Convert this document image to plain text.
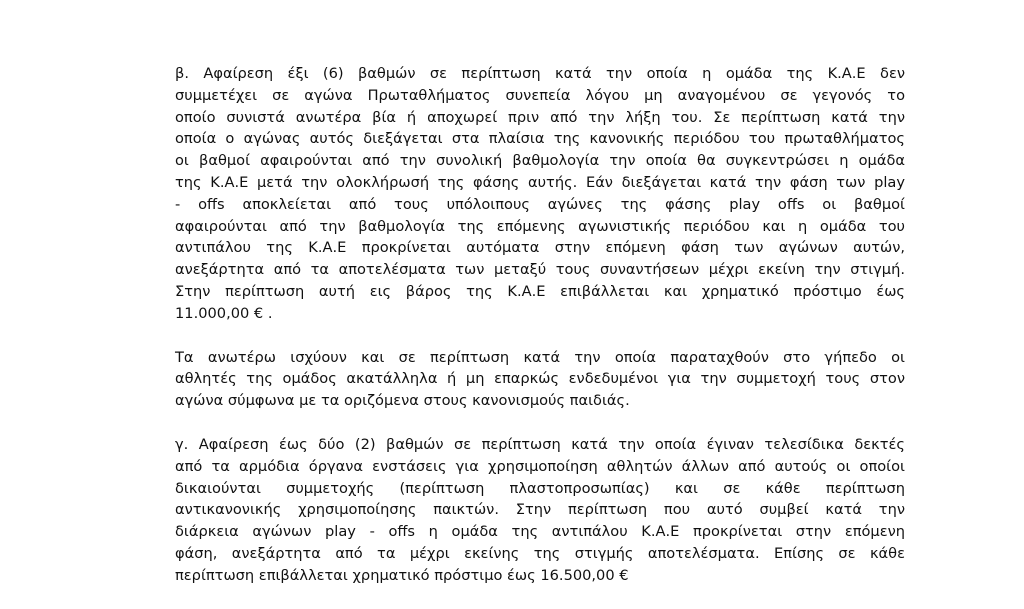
β. Αφαίρεση έξι (6) βαθμών σε περίπτωση κατά την οποία η ομάδα της Κ.Α.Ε δεν
συμμετέχει σε αγώνα Πρωταθλήματος συνεπεία λόγου μη αναγομένου σε γεγονός το
οποίο συνιστά ανωτέρα βία ή αποχωρεί πριν από την λήξη του. Σε περίπτωση κατά την
οποία ο αγώνας αυτός διεξάγεται στα πλαίσια της κανονικής περιόδου του πρωταθλήματος
οι βαθμοί αφαιρούνται από την συνολική βαθμολογία την οποία θα συγκεντρώσει η ομάδα
της Κ.Α.Ε μετά την ολοκλήρωσή της φάσης αυτής. Εάν διεξάγεται κατά την φάση των play
- offs αποκλείεται από τους υπόλοιπους αγώνες της φάσης play offs οι βαθμοί
αφαιρούνται από την βαθμολογία της επόμενης αγωνιστικής περιόδου και η ομάδα του
αντιπάλου της Κ.Α.Ε προκρίνεται αυτόματα στην επόμενη φάση των αγώνων αυτών,
ανεξάρτητα από τα αποτελέσματα των μεταξύ τους συναντήσεων μέχρι εκείνη την στιγμή.
Στην περίπτωση αυτή εις βάρος της Κ.Α.Ε επιβάλλεται και χρηματικό πρόστιμο έως
11.000,00 € .
Τα ανωτέρω ισχύουν και σε περίπτωση κατά την οποία παραταχθούν στο γήπεδο οι
αθλητές της ομάδος ακατάλληλα ή μη επαρκώς ενδεδυμένοι για την συμμετοχή τους στον
αγώνα σύμφωνα με τα οριζόμενα στους κανονισμούς παιδιάς.
γ. Αφαίρεση έως δύο (2) βαθμών σε περίπτωση κατά την οποία έγιναν τελεσίδικα δεκτές
από τα αρμόδια όργανα ενστάσεις για χρησιμοποίηση αθλητών άλλων από αυτούς οι οποίοι
δικαιούνται συμμετοχής (περίπτωση πλαστοπροσωπίας) και σε κάθε περίπτωση
αντικανονικής χρησιμοποίησης παικτών. Στην περίπτωση που αυτό συμβεί κατά την
διάρκεια αγώνων play - offs η ομάδα της αντιπάλου Κ.Α.Ε προκρίνεται στην επόμενη
φάση, ανεξάρτητα από τα μέχρι εκείνης της στιγμής αποτελέσματα. Επίσης σε κάθε
περίπτωση επιβάλλεται χρηματικό πρόστιμο έως 16.500,00 €
